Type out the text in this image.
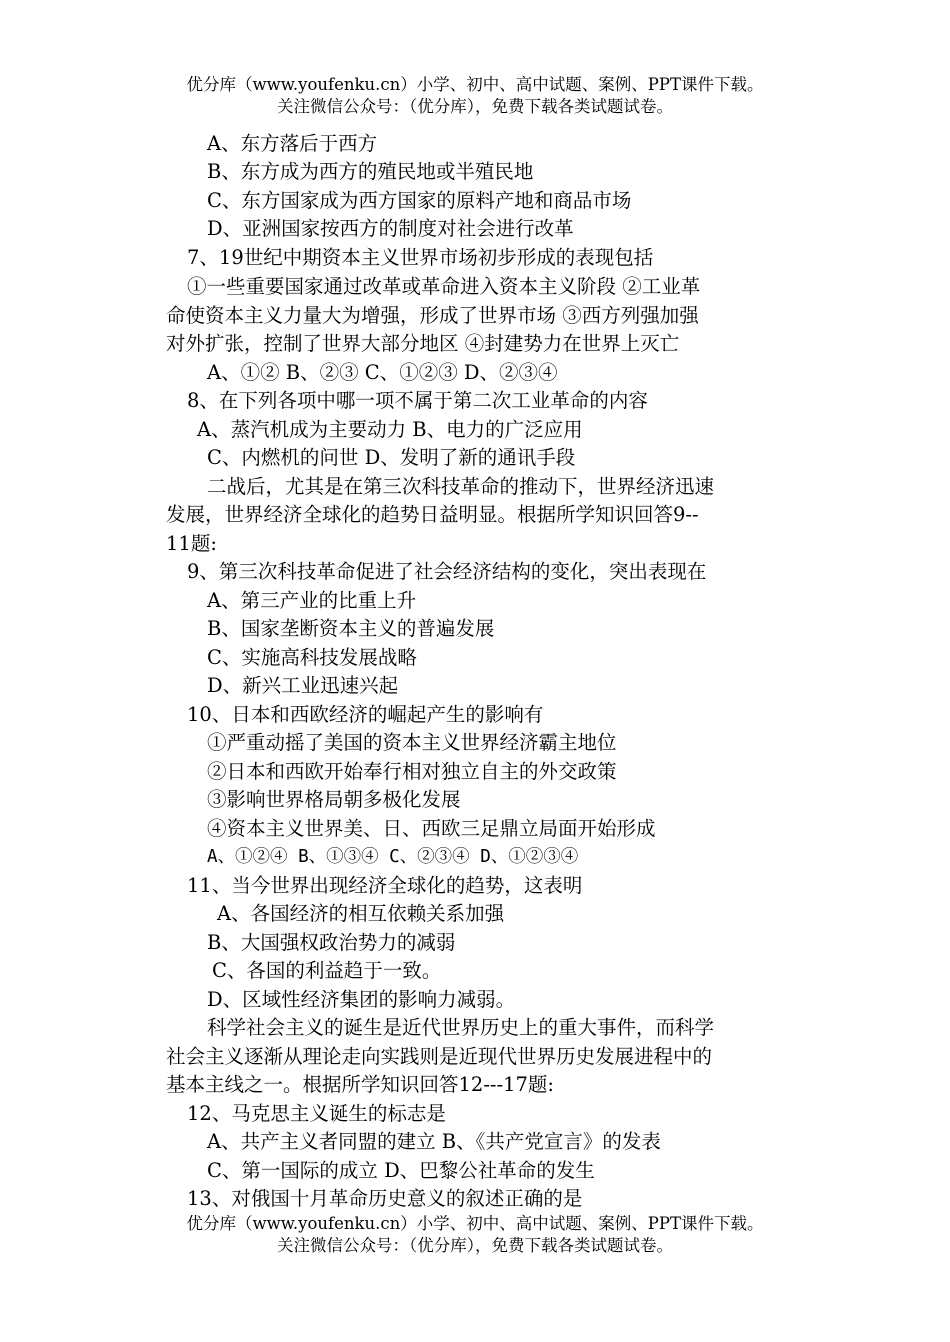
优分库（www.youfenku.cn）小学、初中、高中试题、案例、PPT课件下载。
关注微信公众号：（优分库），免费下载各类试题试卷。
A、东方落后于西方
B、东方成为西方的殖民地或半殖民地
C、东方国家成为西方国家的原料产地和商品市场
D、亚洲国家按西方的制度对社会进行改革
7、19世纪中期资本主义世界市场初步形成的表现包括
①一些重要国家通过改革或革命进入资本主义阶段 ②工业革
命使资本主义力量大为增强，形成了世界市场 ③西方列强加强
对外扩张，控制了世界大部分地区 ④封建势力在世界上灭亡
A、①② B、②③ C、①②③ D、②③④
8、在下列各项中哪一项不属于第二次工业革命的内容
A、蒸汽机成为主要动力 B、电力的广泛应用
C、内燃机的问世 D、发明了新的通讯手段
二战后，尤其是在第三次科技革命的推动下，世界经济迅速
发展，世界经济全球化的趋势日益明显。根据所学知识回答9--
11题:
9、第三次科技革命促进了社会经济结构的变化，突出表现在
A、第三产业的比重上升
B、国家垄断资本主义的普遍发展
C、实施高科技发展战略
D、新兴工业迅速兴起
10、日本和西欧经济的崛起产生的影响有
①严重动摇了美国的资本主义世界经济霸主地位
②日本和西欧开始奉行相对独立自主的外交政策
③影响世界格局朝多极化发展
④资本主义世界美、日、西欧三足鼎立局面开始形成
A、①②④ B、①③④ C、②③④ D、①②③④
11、当今世界出现经济全球化的趋势，这表明
A、各国经济的相互依赖关系加强
B、大国强权政治势力的减弱
C、各国的利益趋于一致。
D、区域性经济集团的影响力减弱。
科学社会主义的诞生是近代世界历史上的重大事件，而科学
社会主义逐渐从理论走向实践则是近现代世界历史发展进程中的
基本主线之一。根据所学知识回答12---17题:
12、马克思主义诞生的标志是
A、共产主义者同盟的建立 B、《共产党宣言》的发表
C、第一国际的成立 D、巴黎公社革命的发生
13、对俄国十月革命历史意义的叙述正确的是
优分库（www.youfenku.cn）小学、初中、高中试题、案例、PPT课件下载。
关注微信公众号：（优分库），免费下载各类试题试卷。
